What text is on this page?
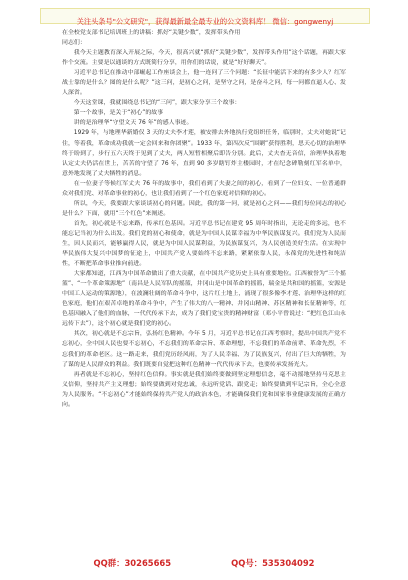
关注头条号"公文研究"，获得最新最全最专业的公文资料库！ 微信：gongwenyj

在全校党支部书记培训班上的讲稿：抓好“关键少数”，发挥带头作用

同志们：

我今天主题教育深入开展之际，今天，很高兴就“抓好“关键少数”，发挥带头作用”这个话题，再跟大家作个交流。主要是以通谈的方式既简行分享，用你们的话说，就是“好好聊天”。

习近平总书记在推动中部崛起工作座谈会上，他一连问了三个问题：“长征中能活下来的有多少人？红军战士靠的是什么？图的是什么呢？”这三问，是初心之问，是坚守之问，是奋斗之问，每一问都直逼人心、发人深省。

今天这堂课，我就围绕总书记的“三问”，跟大家分享三个故事：

第一个故事，是关于“初心”的故事

讲的是治理华“守望文天 76 年”的感人事迹。

1929 年，与地理华新婚仅 3 天的丈夫李才莲，被安排去外地执行党组织任务，临别时，丈夫对她说“记住，等着我，革命成功我就一定会回来和你团聚”。1933 年，第四次反“围剿”获得胜利，思天心切的治理华终于盼到了，步行五六天终于见到了丈夫，两人短暂相聚后即告分别。此后，丈夫杳无音信，治理华执着地认定丈夫仍活在世上，苦苦的守望了 76 年，直到 90 多岁瞎钉炸主楼园时，才在纪念碑勒刻红军名单中，意外地发现了丈夫牺牲的消息。

在一位妻子等候红军丈夫 76 年的故事中，我们看到了夫妻之间的初心，看到了一位妇女、一位普通群众对我们党、对革命事业的初心，也让我们看到了一个红色家庭对信仰的初心。

所以，今天，我要跟大家谈谈初心的问题。因此，我的第一问，就是初心之问——我们每位同志的初心是什么？下面，就用“三个红色”来阐述。

首先，初心就是不忘来路，传承红色基因。习近平总书记在建党 95 周年时指出，无论走的多远，也不能忘记当初为什么出发。我们党的初心和使命，就是为中国人民谋幸福为中华民族谋复兴。我们党为人民而生，因人民而兴，能够赢得人民，就是为中国人民谋利益，为民族谋复兴，为人民创造美好生活。在实现中华民族伟大复兴中国梦的征途上，中国共产党人要始终不忘来路，紧紧依靠人民，永葆党的先进性和纯洁性，不断把革命事业推向前进。

大家都知道，江西为中国革命做出了重大贡献，在中国共产党历史上具有重要地位。江西被誉为“三个摇篮”、“一个革命策源地”（南昌是人民军队的摇篮，井冈山是中国革命的摇篮，瑞金是共和国的摇篮，安源是中国工人运动的策源地），在波澜壮阔的革命斗争中，这片红土地上，涌现了很多像李才莲、治理华这样的红色家庭，他们在艰苦卓绝的革命斗争中，产生了伟大的八一精神、井冈山精神、苏区精神和长征精神等，红色基因融入了他们的血脉，一代代传承下去，成为了我们党宝贵的精神财富（邓小平曾说过：“把红色江山永远传下去”），这个初心就是我们党的初心。

其次，初心就是不忘宗旨，弘扬红色精神。今年 5 月，习近平总书记在江西考察时，提出中国共产党不忘初心，全中国人民也要不忘初心，不忘我们的革命宗旨、革命理想，不忘我们的革命前辈、革命先烈，不忘我们的革命老区。这一路走来，我们党历经风雨，为了人民幸福、为了民族复兴，付出了巨大的牺牲，为了谋的是人民群众的利益。我们既要自觉把这种红色精神一代代传承下去，也要传承发扬光大。

再者就是不忘初心，坚持红色信仰。事实就是我们始终要做到坚定理想信念，毫不动摇地坚持马克思主义信仰，坚持共产主义理想；始终要做到对党忠诚，永远听党话、跟党走；始终要做到牢记宗旨，全心全意为人民服务。“不忘初心”才能始终保持共产党人的政治本色，才能确保我们党和国家事业健康发展的正确方向。

QQ群：30265665	QQ号：535304092
